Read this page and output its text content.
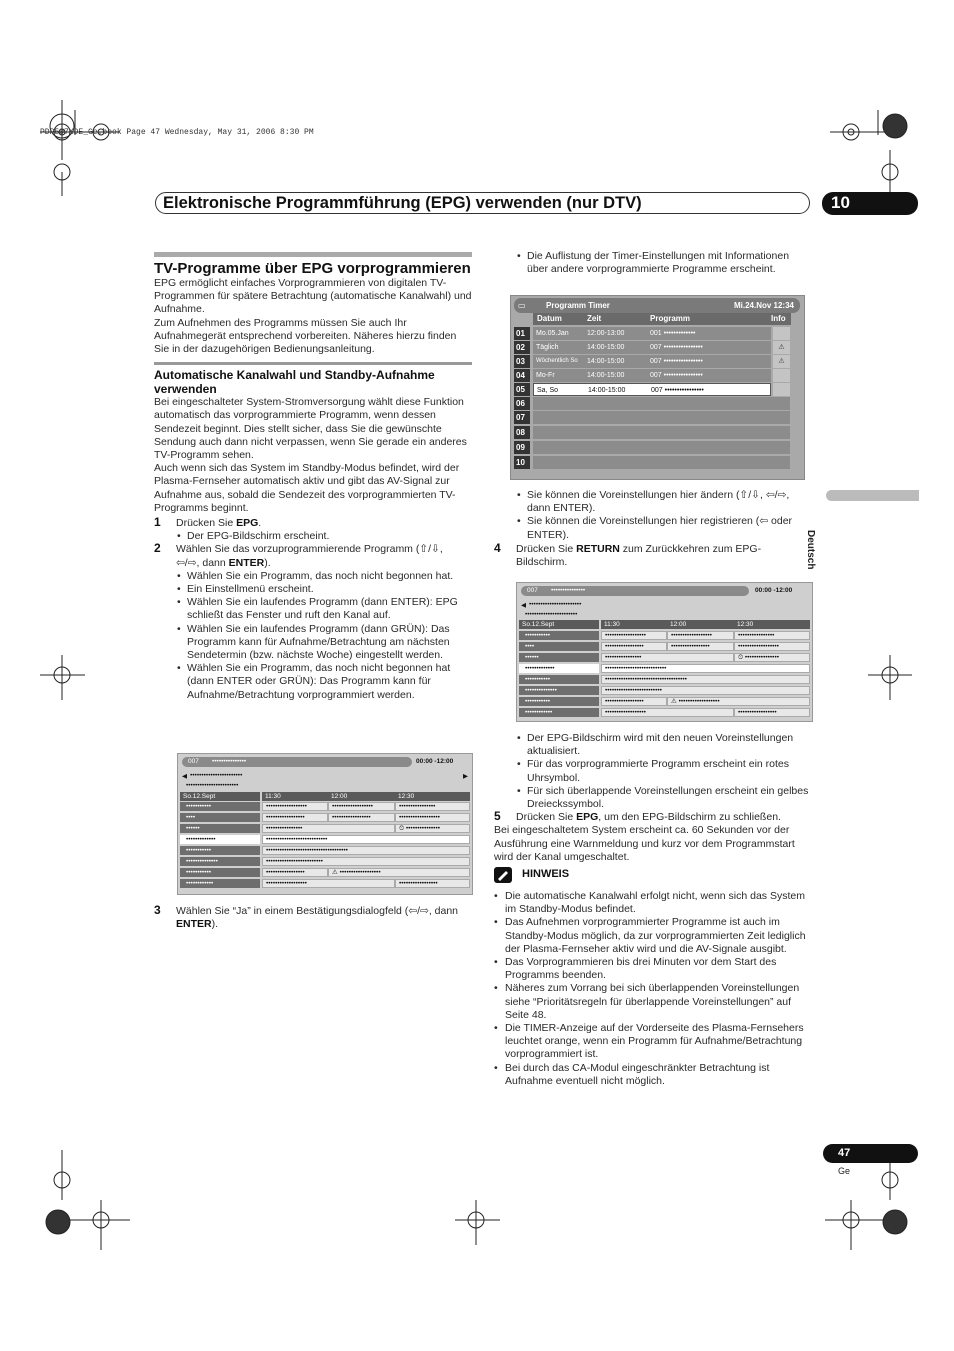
PDP507XDE_Ge.book Page 47 Wednesday, May 31, 2006 8:30 PM
Elektronische Programmführung (EPG) verwenden (nur DTV)	10
Deutsch
47
Ge
TV-Programme über EPG vorprogrammieren

EPG ermöglicht einfaches Vorprogrammieren von digitalen TV-Programmen für spätere Betrachtung (automatische Kanalwahl) und Aufnahme.

Zum Aufnehmen des Programms müssen Sie auch Ihr Aufnahmegerät entsprechend vorbereiten. Näheres hierzu finden Sie in der dazugehörigen Bedienungsanleitung.

Automatische Kanalwahl und Standby-Aufnahme verwenden

Bei eingeschalteter System-Stromversorgung wählt diese Funktion automatisch das vorprogrammierte Programm, wenn dessen Sendezeit beginnt. Dies stellt sicher, dass Sie die gewünschte Sendung auch dann nicht verpassen, wenn Sie gerade ein anderes TV-Programm sehen.

Auch wenn sich das System im Standby-Modus befindet, wird der Plasma-Fernseher automatisch aktiv und gibt das AV-Signal zur Aufnahme aus, sobald die Sendezeit des vorprogrammierten TV-Programms beginnt.

1 Drücken Sie EPG.
• Der EPG-Bildschirm erscheint.
2 Wählen Sie das vorzuprogrammierende Programm (⇧/⇩,
⇦/⇨, dann ENTER).
• Wählen Sie ein Programm, das noch nicht begonnen hat.
• Ein Einstellmenü erscheint.
• Wählen Sie ein laufendes Programm (dann ENTER): EPG schließt das Fenster und ruft den Kanal auf.
• Wählen Sie ein laufendes Programm (dann GRÜN): Das Programm kann für Aufnahme/Betrachtung am nächsten Sendetermin (bzw. nächste Woche) eingestellt werden.
• Wählen Sie ein Programm, das noch nicht begonnen hat (dann ENTER oder GRÜN): Das Programm kann für Aufnahme/Betrachtung vorprogrammiert werden.
007 •••••••••••••••	00:00 -12:00
◀ •••••••••••••••••••••••	▶
•••••••••••••••••••••••
So.12.Sept	11:30	12:00	12:30
•••••••••••	••••••••••••••••••	••••••••••••••••••	••••••••••••••••
••••	•••••••••••••••••	•••••••••••••••••	••••••••••••••••••
••••••	••••••••••••••••	⏲ •••••••••••••••
•••••••••••••	•••••••••••••••••••••••••••
•••••••••••	••••••••••••••••••••••••••••••••••••
••••••••••••••	•••••••••••••••••••••••••
•••••••••••	•••••••••••••••••	⚠ ••••••••••••••••••
••••••••••••	••••••••••••••••••	•••••••••••••••••
3 Wählen Sie “Ja” in einem Bestätigungsdialogfeld (⇦/⇨, dann ENTER).
• Die Auflistung der Timer-Einstellungen mit Informationen über andere vorprogrammierte Programme erscheint.
▭	Programm Timer	Mi.24.Nov 12:34
Datum	Zeit	Programm	Info
01	Mo.05.Jan	12:00-13:00	001 •••••••••••••
02	Täglich	14:00-15:00	007 ••••••••••••••••	⚠
03	Wöchentlich So 14:00-15:00	007 ••••••••••••••••	⚠
04	Mo-Fr	14:00-15:00	007 ••••••••••••••••
05	Sa, So	14:00-15:00	007 ••••••••••••••••
06
07
08
09
10
• Sie können die Voreinstellungen hier ändern (⇧/⇩, ⇦/⇨, dann ENTER).
• Sie können die Voreinstellungen hier registrieren (⇦ oder ENTER).
4 Drücken Sie RETURN zum Zurückkehren zum EPG-Bildschirm.
007 •••••••••••••••	00:00 -12:00
◀ •••••••••••••••••••••••
•••••••••••••••••••••••
So.12.Sept	11:30	12:00	12:30
•••••••••••	••••••••••••••••••	••••••••••••••••••	••••••••••••••••
••••	•••••••••••••••••	•••••••••••••••••	••••••••••••••••••
••••••	••••••••••••••••	⏲ •••••••••••••••
•••••••••••••	•••••••••••••••••••••••••••
•••••••••••	••••••••••••••••••••••••••••••••••••
••••••••••••••	•••••••••••••••••••••••••
•••••••••••	•••••••••••••••••	⚠ ••••••••••••••••••
••••••••••••	••••••••••••••••••	•••••••••••••••••
• Der EPG-Bildschirm wird mit den neuen Voreinstellungen aktualisiert.
• Für das vorprogrammierte Programm erscheint ein rotes Uhrsymbol.
• Für sich überlappende Voreinstellungen erscheint ein gelbes Dreieckssymbol.
5 Drücken Sie EPG, um den EPG-Bildschirm zu schließen.

Bei eingeschaltetem System erscheint ca. 60 Sekunden vor der Ausführung eine Warnmeldung und kurz vor dem Programmstart wird der Kanal umgeschaltet.

HINWEIS
• Die automatische Kanalwahl erfolgt nicht, wenn sich das System im Standby-Modus befindet.
• Das Aufnehmen vorprogrammierter Programme ist auch im Standby-Modus möglich, da zur vorprogrammierten Zeit lediglich der Plasma-Fernseher aktiv wird und die AV-Signale ausgibt.
• Das Vorprogrammieren bis drei Minuten vor dem Start des Programms beenden.
• Näheres zum Vorrang bei sich überlappenden Voreinstellungen siehe “Prioritätsregeln für überlappende Voreinstellungen” auf Seite 48.
• Die TIMER-Anzeige auf der Vorderseite des Plasma-Fernsehers leuchtet orange, wenn ein Programm für Aufnahme/Betrachtung vorprogrammiert ist.
• Bei durch das CA-Modul eingeschränkter Betrachtung ist Aufnahme eventuell nicht möglich.
